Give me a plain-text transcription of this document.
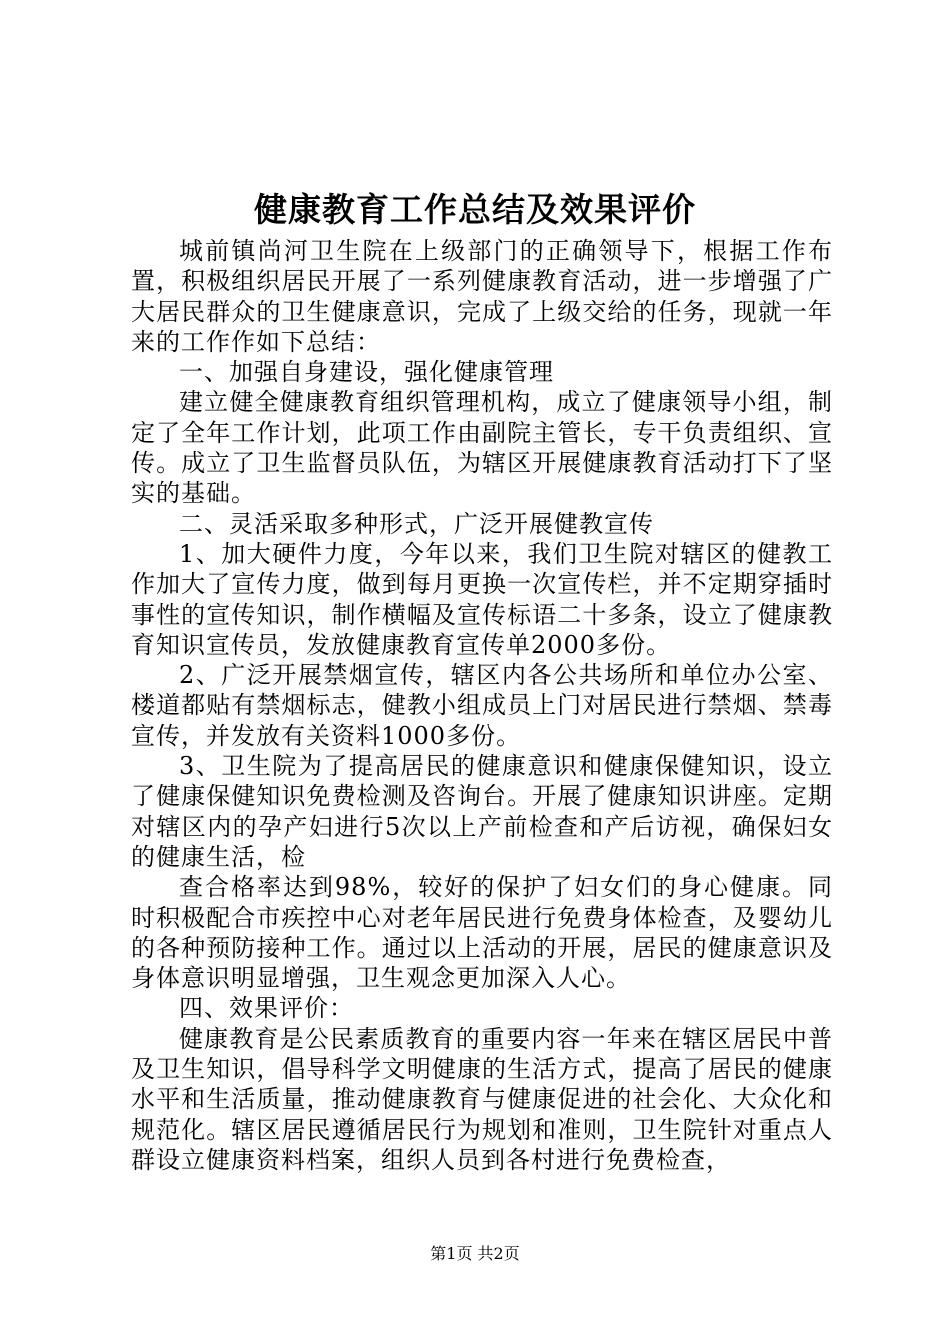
健康教育工作总结及效果评价

城前镇尚河卫生院在上级部门的正确领导下，根据工作布置，积极组织居民开展了一系列健康教育活动，进一步增强了广大居民群众的卫生健康意识，完成了上级交给的任务，现就一年来的工作作如下总结：

一、加强自身建设，强化健康管理

建立健全健康教育组织管理机构，成立了健康领导小组，制定了全年工作计划，此项工作由副院主管长，专干负责组织、宣传。成立了卫生监督员队伍，为辖区开展健康教育活动打下了坚实的基础。

二、灵活采取多种形式，广泛开展健教宣传

1、加大硬件力度，今年以来，我们卫生院对辖区的健教工作加大了宣传力度，做到每月更换一次宣传栏，并不定期穿插时事性的宣传知识，制作横幅及宣传标语二十多条，设立了健康教育知识宣传员，发放健康教育宣传单2000多份。

2、广泛开展禁烟宣传，辖区内各公共场所和单位办公室、楼道都贴有禁烟标志，健教小组成员上门对居民进行禁烟、禁毒宣传，并发放有关资料1000多份。

3、卫生院为了提高居民的健康意识和健康保健知识，设立了健康保健知识免费检测及咨询台。开展了健康知识讲座。定期对辖区内的孕产妇进行5次以上产前检查和产后访视，确保妇女的健康生活，检

查合格率达到98%，较好的保护了妇女们的身心健康。同时积极配合市疾控中心对老年居民进行免费身体检查，及婴幼儿的各种预防接种工作。通过以上活动的开展，居民的健康意识及身体意识明显增强，卫生观念更加深入人心。

四、效果评价：

健康教育是公民素质教育的重要内容一年来在辖区居民中普及卫生知识，倡导科学文明健康的生活方式，提高了居民的健康水平和生活质量，推动健康教育与健康促进的社会化、大众化和规范化。辖区居民遵循居民行为规划和准则，卫生院针对重点人群设立健康资料档案，组织人员到各村进行免费检查，

第1页 共2页
